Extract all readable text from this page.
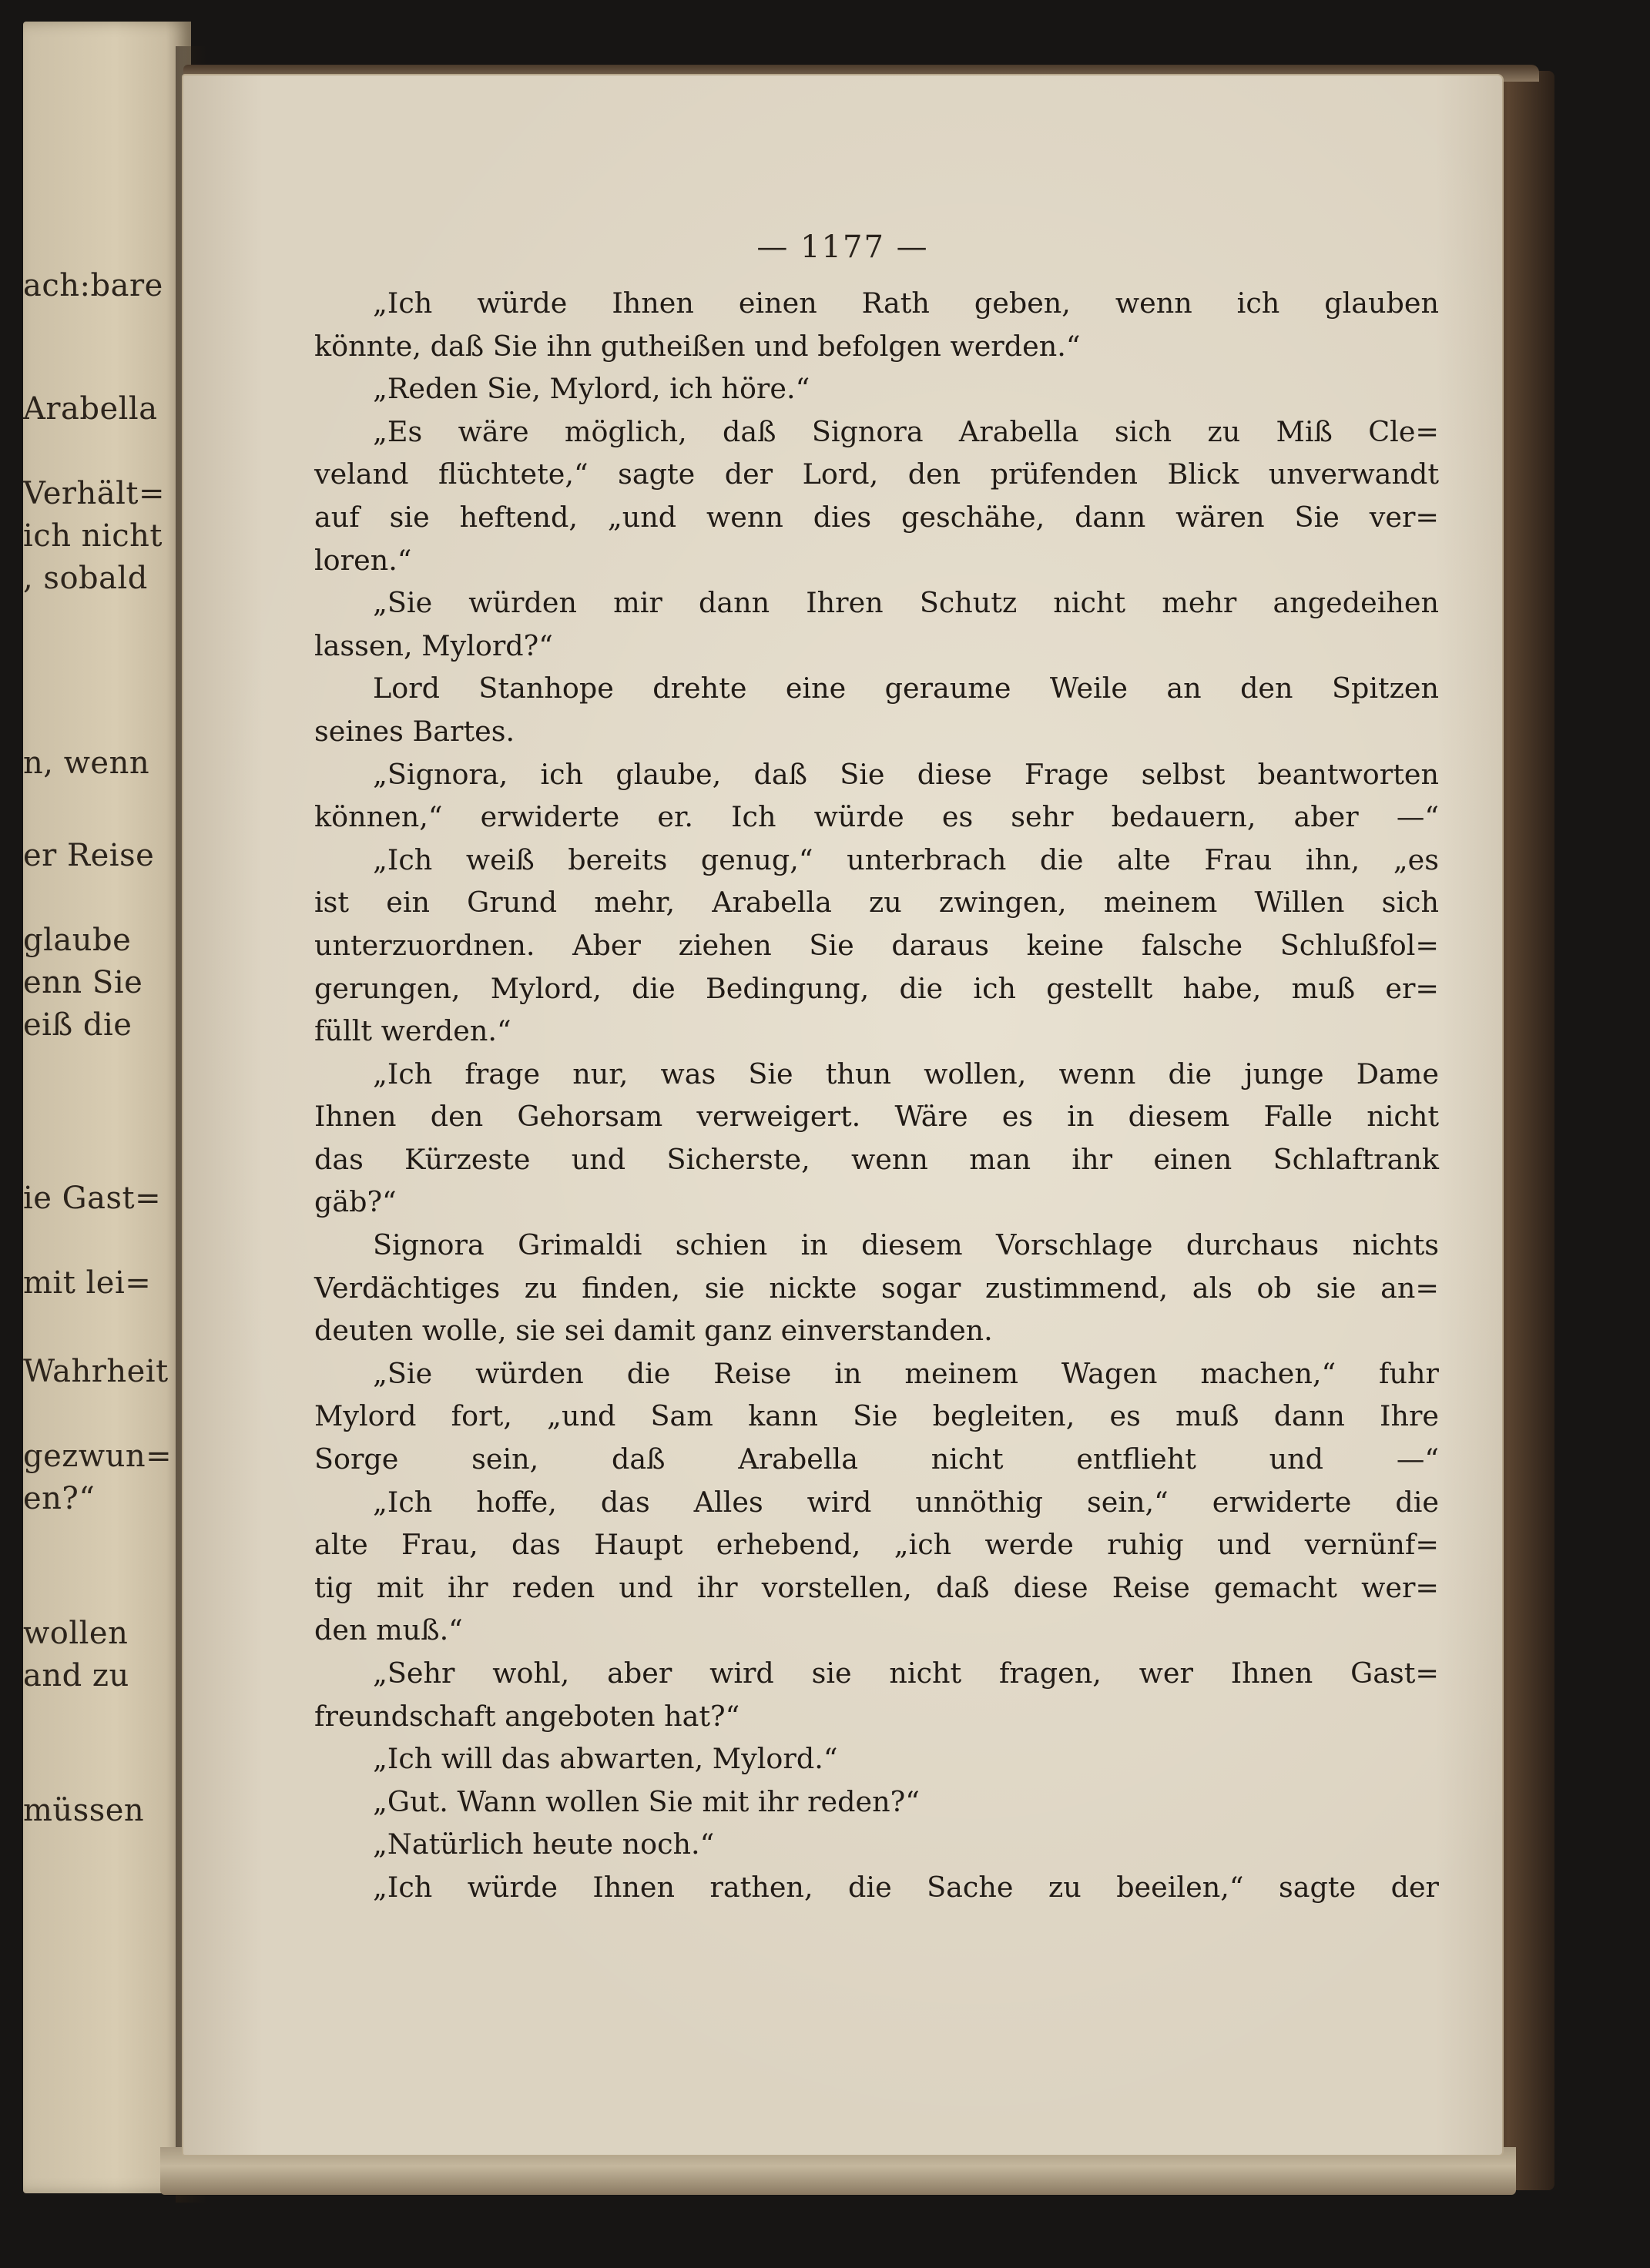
ach:bare
Arabella
Verhält=
ich nicht
, sobald
n, wenn
er Reise
glaube
enn Sie
eiß die
ie Gast=
mit lei=
Wahrheit
gezwun=
en?“
wollen
and zu
müssen
— 1177 —
„Ich würde Ihnen einen Rath geben, wenn ich glauben
könnte, daß Sie ihn gutheißen und befolgen werden.“
„Reden Sie, Mylord, ich höre.“
„Es wäre möglich, daß Signora Arabella sich zu Miß Cle=
veland flüchtete,“ sagte der Lord, den prüfenden Blick unverwandt
auf sie heftend, „und wenn dies geschähe, dann wären Sie ver=
loren.“
„Sie würden mir dann Ihren Schutz nicht mehr angedeihen
lassen, Mylord?“
Lord Stanhope drehte eine geraume Weile an den Spitzen
seines Bartes.
„Signora, ich glaube, daß Sie diese Frage selbst beantworten
können,“ erwiderte er. Ich würde es sehr bedauern, aber —“
„Ich weiß bereits genug,“ unterbrach die alte Frau ihn, „es
ist ein Grund mehr, Arabella zu zwingen, meinem Willen sich
unterzuordnen. Aber ziehen Sie daraus keine falsche Schlußfol=
gerungen, Mylord, die Bedingung, die ich gestellt habe, muß er=
füllt werden.“
„Ich frage nur, was Sie thun wollen, wenn die junge Dame
Ihnen den Gehorsam verweigert. Wäre es in diesem Falle nicht
das Kürzeste und Sicherste, wenn man ihr einen Schlaftrank
gäb?“
Signora Grimaldi schien in diesem Vorschlage durchaus nichts
Verdächtiges zu finden, sie nickte sogar zustimmend, als ob sie an=
deuten wolle, sie sei damit ganz einverstanden.
„Sie würden die Reise in meinem Wagen machen,“ fuhr
Mylord fort, „und Sam kann Sie begleiten, es muß dann Ihre
Sorge sein, daß Arabella nicht entflieht und —“
„Ich hoffe, das Alles wird unnöthig sein,“ erwiderte die
alte Frau, das Haupt erhebend, „ich werde ruhig und vernünf=
tig mit ihr reden und ihr vorstellen, daß diese Reise gemacht wer=
den muß.“
„Sehr wohl, aber wird sie nicht fragen, wer Ihnen Gast=
freundschaft angeboten hat?“
„Ich will das abwarten, Mylord.“
„Gut. Wann wollen Sie mit ihr reden?“
„Natürlich heute noch.“
„Ich würde Ihnen rathen, die Sache zu beeilen,“ sagte der
